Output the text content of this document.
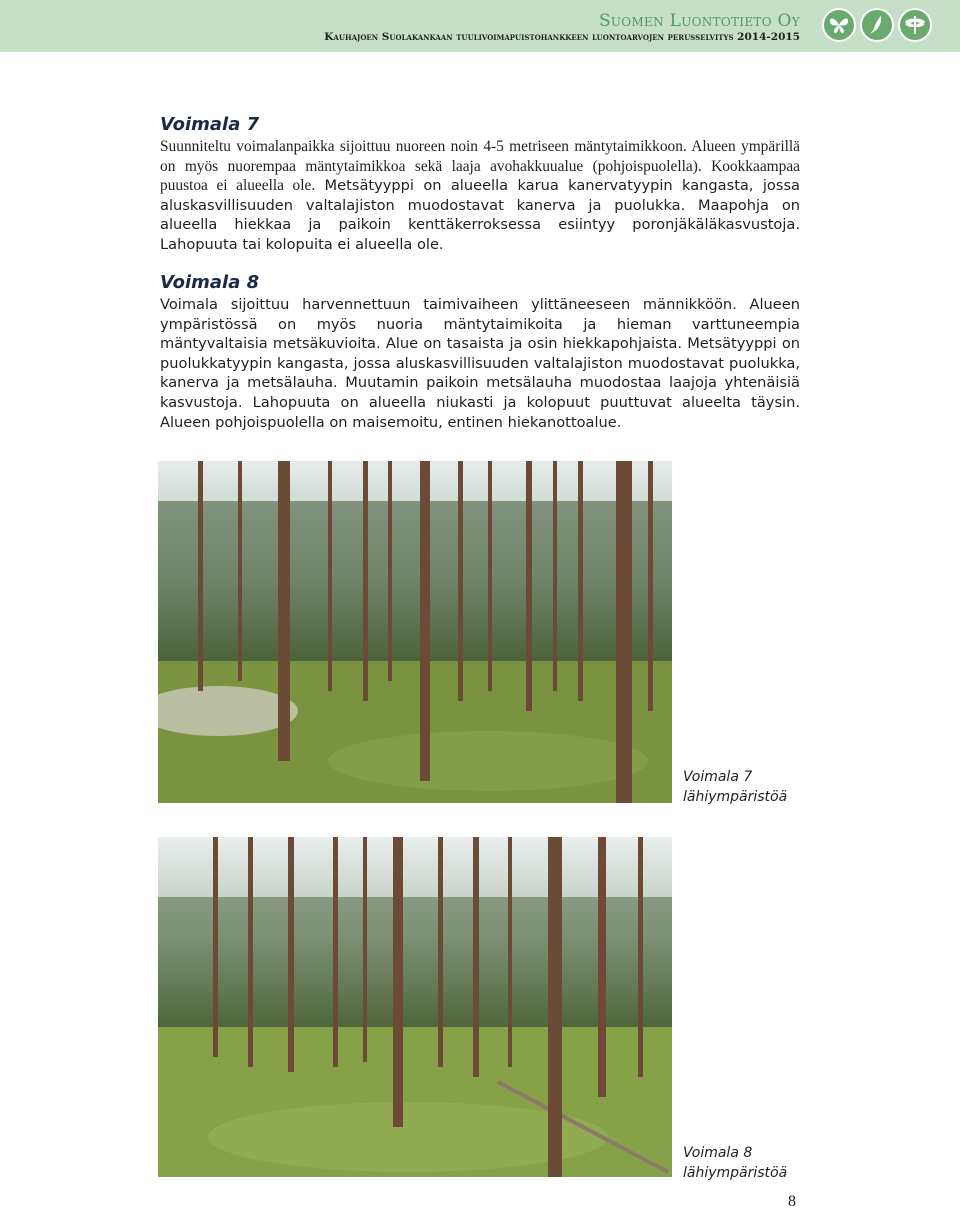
Suomen Luontotieto Oy
Kauhajoen Suolakankaan tuulivoimapuistohankkeen luontoarvojen perusselvitys 2014-2015
Voimala 7

Suunniteltu voimalanpaikka sijoittuu nuoreen noin 4-5 metriseen mäntytaimikkoon. Alueen ympärillä on myös nuorempaa mäntytaimikkoa sekä laaja avohakkuualue (pohjoispuolella). Kookkaampaa puustoa ei alueella ole. Metsätyyppi on alueella karua kanervatyypin kangasta, jossa aluskasvillisuuden valtalajiston muodostavat kanerva ja puolukka. Maapohja on alueella hiekkaa ja paikoin kenttäkerroksessa esiintyy poronjäkäläkasvustoja. Lahopuuta tai kolopuita ei alueella ole.

Voimala 8

Voimala sijoittuu harvennettuun taimivaiheen ylittäneeseen männikköön. Alueen ympäristössä on myös nuoria mäntytaimikoita ja hieman varttuneempia mäntyvaltaisia metsäkuvioita. Alue on tasaista ja osin hiekkapohjaista. Metsätyyppi on puolukkatyypin kangasta, jossa aluskasvillisuuden valtalajiston muodostavat puolukka, kanerva ja metsälauha. Muutamin paikoin metsälauha muodostaa laajoja yhtenäisiä kasvustoja. Lahopuuta on alueella niukasti ja kolopuut puuttuvat alueelta täysin. Alueen pohjoispuolella on maisemoitu, entinen hiekanottoalue.

Voimala 7
lähiympäristöä
Voimala 8
lähiympäristöä
8
